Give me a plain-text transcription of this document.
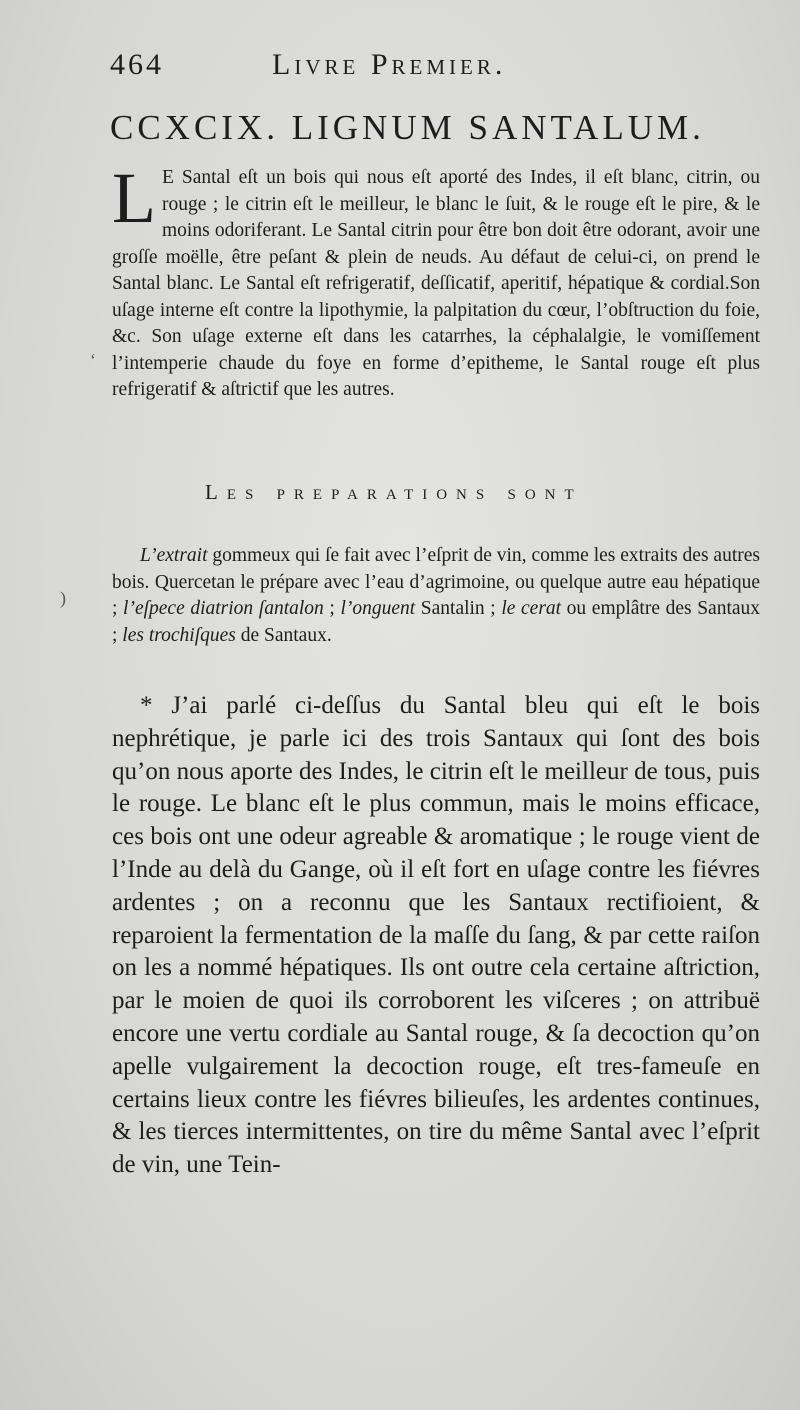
464	Livre Premier.
CCXCIX. LIGNUM SANTALUM.
L E Santal eſt un bois qui nous eſt aporté des Indes, il eſt blanc, citrin, ou rouge ; le citrin eſt le meilleur, le blanc le ſuit, & le rouge eſt le pire, & le moins odoriferant. Le Santal citrin pour être bon doit être odorant, avoir une groſſe moëlle, être peſant & plein de neuds. Au défaut de celui-ci, on prend le Santal blanc. Le Santal eſt refrigeratif, deſſicatif, aperitif, hépatique & cordial.Son uſage interne eſt contre la lipothymie, la palpitation du cœur, l’obſtruction du foie, &c. Son uſage externe eſt dans les catarrhes, la céphalalgie, le vomiſſement l’intemperie chaude du foye en forme d’epitheme, le Santal rouge eſt plus refrigeratif & aſtrictif que les autres.
Les preparations sont
L’extrait gommeux qui ſe fait avec l’eſprit de vin, comme les extraits des autres bois. Quercetan le prépare avec l’eau d’agrimoine, ou quelque autre eau hépatique ; l’eſpece diatrion ſantalon ; l’onguent Santalin ; le cerat ou emplâtre des Santaux ; les trochiſques de Santaux.
* J’ai parlé ci-deſſus du Santal bleu qui eſt le bois nephrétique, je parle ici des trois Santaux qui ſont des bois qu’on nous aporte des Indes, le citrin eſt le meilleur de tous, puis le rouge. Le blanc eſt le plus commun, mais le moins efficace, ces bois ont une odeur agreable & aromatique ; le rouge vient de l’Inde au delà du Gange, où il eſt fort en uſage contre les fiévres ardentes ; on a reconnu que les Santaux rectifioient, & reparoient la fermentation de la maſſe du ſang, & par cette raiſon on les a nommé hépatiques. Ils ont outre cela certaine aſtriction, par le moien de quoi ils corroborent les viſceres ; on attribuë encore une vertu cordiale au Santal rouge, & ſa decoction qu’on apelle vulgairement la decoction rouge, eſt tres-fameuſe en certains lieux contre les fiévres bilieuſes, les ardentes continues, & les tierces intermittentes, on tire du même Santal avec l’eſprit de vin, une Tein-
ʻ
)
